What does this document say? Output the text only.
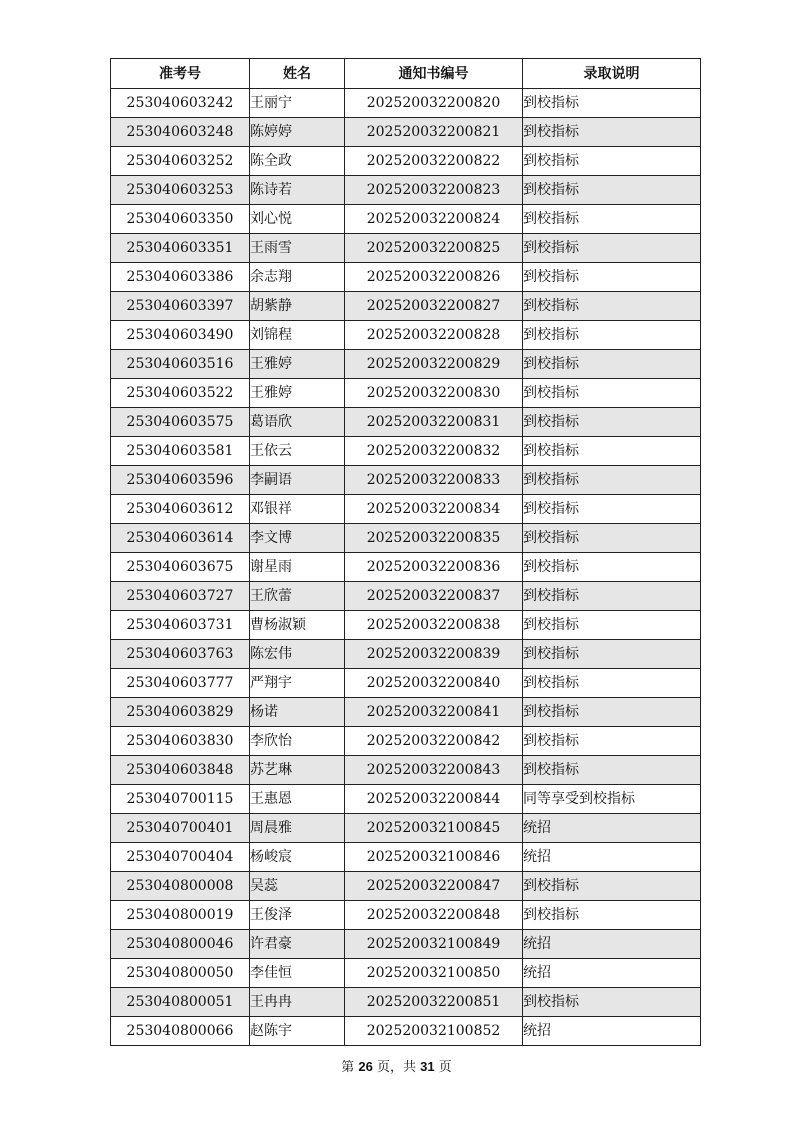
准考号	姓名	通知书编号	录取说明
253040603242	王丽宁	202520032200820	到校指标
253040603248	陈婷婷	202520032200821	到校指标
253040603252	陈全政	202520032200822	到校指标
253040603253	陈诗若	202520032200823	到校指标
253040603350	刘心悦	202520032200824	到校指标
253040603351	王雨雪	202520032200825	到校指标
253040603386	余志翔	202520032200826	到校指标
253040603397	胡紫静	202520032200827	到校指标
253040603490	刘锦程	202520032200828	到校指标
253040603516	王雅婷	202520032200829	到校指标
253040603522	王雅婷	202520032200830	到校指标
253040603575	葛语欣	202520032200831	到校指标
253040603581	王依云	202520032200832	到校指标
253040603596	李嗣语	202520032200833	到校指标
253040603612	邓银祥	202520032200834	到校指标
253040603614	李文博	202520032200835	到校指标
253040603675	谢星雨	202520032200836	到校指标
253040603727	王欣蕾	202520032200837	到校指标
253040603731	曹杨淑颖	202520032200838	到校指标
253040603763	陈宏伟	202520032200839	到校指标
253040603777	严翔宇	202520032200840	到校指标
253040603829	杨诺	202520032200841	到校指标
253040603830	李欣怡	202520032200842	到校指标
253040603848	苏艺琳	202520032200843	到校指标
253040700115	王惠恩	202520032200844	同等享受到校指标
253040700401	周晨雅	202520032100845	统招
253040700404	杨峻宸	202520032100846	统招
253040800008	吴蕊	202520032200847	到校指标
253040800019	王俊泽	202520032200848	到校指标
253040800046	许君豪	202520032100849	统招
253040800050	李佳恒	202520032100850	统招
253040800051	王冉冉	202520032200851	到校指标
253040800066	赵陈宇	202520032100852	统招
第 26 页，共 31 页
